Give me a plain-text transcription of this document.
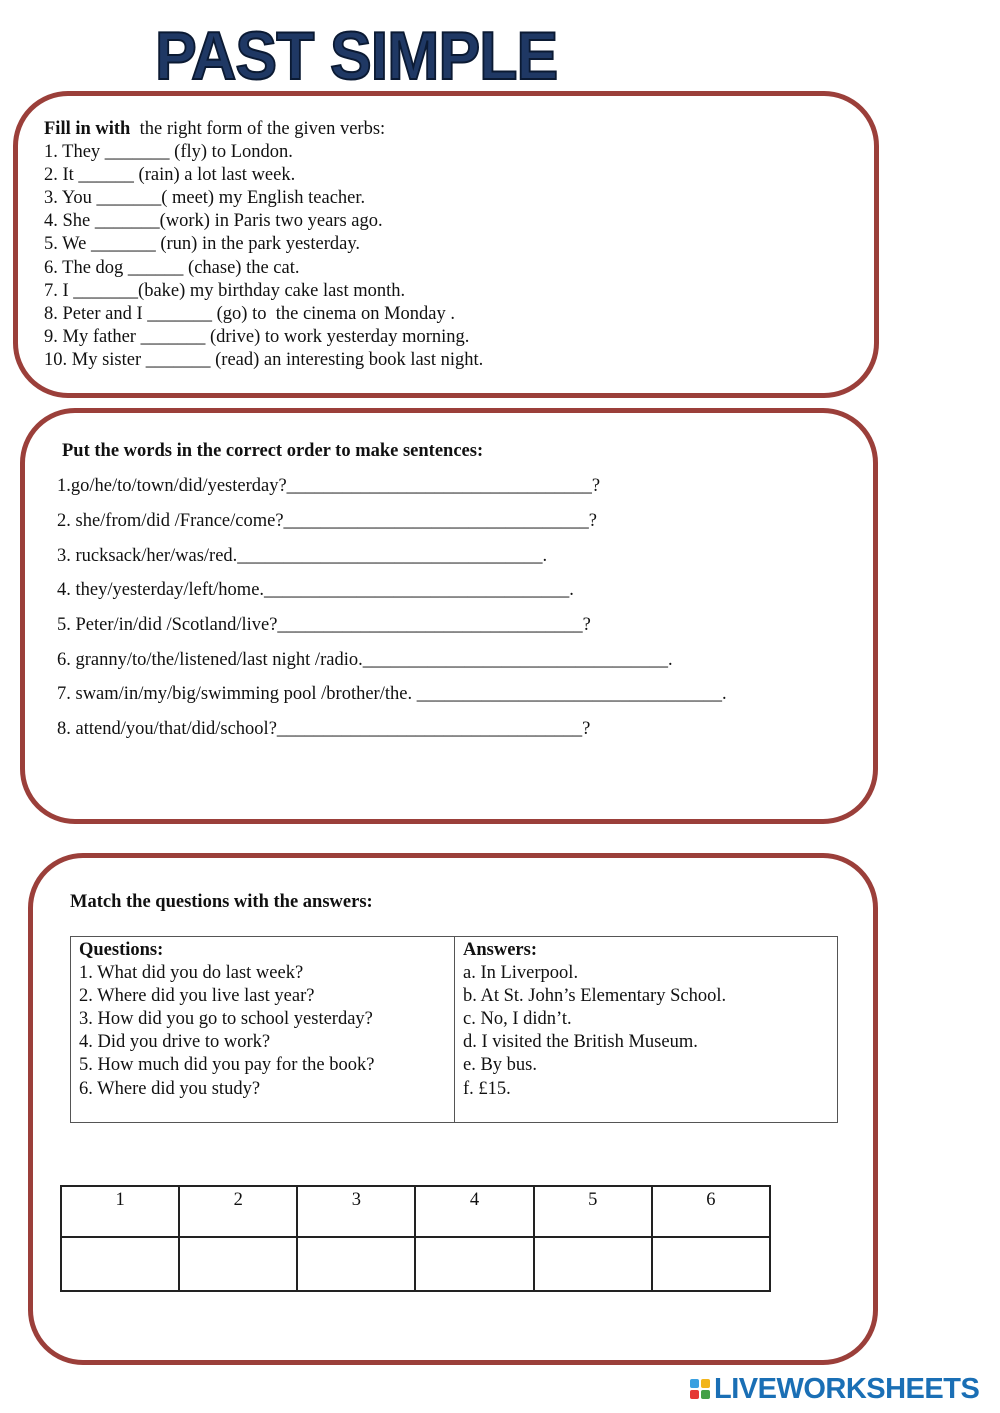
PAST SIMPLE
Fill in with  the right form of the given verbs:
1. They _______ (fly) to London.
2. It ______ (rain) a lot last week.
3. You _______( meet) my English teacher.
4. She _______(work) in Paris two years ago.
5. We _______ (run) in the park yesterday.
6. The dog ______ (chase) the cat.
7. I _______(bake) my birthday cake last month.
8. Peter and I _______ (go) to  the cinema on Monday .
9. My father _______ (drive) to work yesterday morning.
10. My sister _______ (read) an interesting book last night.
Put the words in the correct order to make sentences:
1.go/he/to/town/did/yesterday?_________________________________?
2. she/from/did /France/come?_________________________________?
3. rucksack/her/was/red._________________________________.
4. they/yesterday/left/home._________________________________.
5. Peter/in/did /Scotland/live?_________________________________?
6. granny/to/the/listened/last night /radio._________________________________.
7. swam/in/my/big/swimming pool /brother/the. _________________________________.
8. attend/you/that/did/school?_________________________________?
Match the questions with the answers:
Questions:
1. What did you do last week?
2. Where did you live last year?
3. How did you go to school yesterday?
4. Did you drive to work?
5. How much did you pay for the book?
6. Where did you study?
Answers:
a. In Liverpool.
b. At St. John’s Elementary School.
c. No, I didn’t.
d. I visited the British Museum.
e. By bus.
f. £15.
1	2	3	4	5	6

LIVEWORKSHEETS
